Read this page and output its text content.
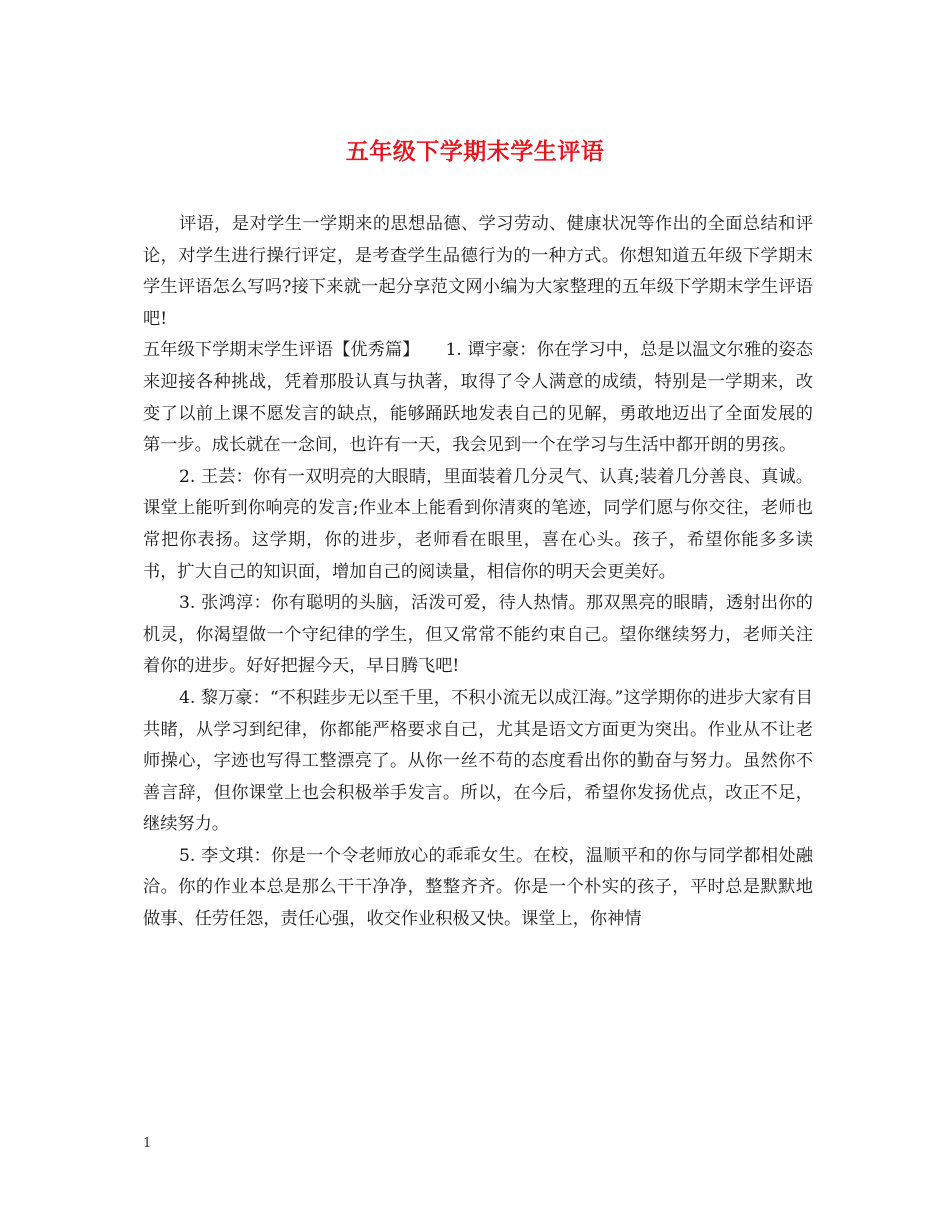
五年级下学期末学生评语

评语，是对学生一学期来的思想品德、学习劳动、健康状况等作出的全面总结和评论，对学生进行操行评定，是考查学生品德行为的一种方式。你想知道五年级下学期末学生评语怎么写吗?接下来就一起分享范文网小编为大家整理的五年级下学期末学生评语吧!

五年级下学期末学生评语【优秀篇】　　1. 谭宇豪：你在学习中，总是以温文尔雅的姿态来迎接各种挑战，凭着那股认真与执著，取得了令人满意的成绩，特别是一学期来，改变了以前上课不愿发言的缺点，能够踊跃地发表自己的见解，勇敢地迈出了全面发展的第一步。成长就在一念间，也许有一天，我会见到一个在学习与生活中都开朗的男孩。

2. 王芸：你有一双明亮的大眼睛，里面装着几分灵气、认真;装着几分善良、真诚。课堂上能听到你响亮的发言;作业本上能看到你清爽的笔迹，同学们愿与你交往，老师也常把你表扬。这学期，你的进步，老师看在眼里，喜在心头。孩子，希望你能多多读书，扩大自己的知识面，增加自己的阅读量，相信你的明天会更美好。

3. 张鸿淳：你有聪明的头脑，活泼可爱，待人热情。那双黑亮的眼睛，透射出你的机灵，你渴望做一个守纪律的学生，但又常常不能约束自己。望你继续努力，老师关注着你的进步。好好把握今天，早日腾飞吧!

4. 黎万豪：“不积跬步无以至千里，不积小流无以成江海。”这学期你的进步大家有目共睹，从学习到纪律，你都能严格要求自己，尤其是语文方面更为突出。作业从不让老师操心，字迹也写得工整漂亮了。从你一丝不苟的态度看出你的勤奋与努力。虽然你不善言辞，但你课堂上也会积极举手发言。所以，在今后，希望你发扬优点，改正不足，继续努力。

5. 李文琪：你是一个令老师放心的乖乖女生。在校，温顺平和的你与同学都相处融洽。你的作业本总是那么干干净净，整整齐齐。你是一个朴实的孩子，平时总是默默地做事、任劳任怨，责任心强，收交作业积极又快。课堂上，你神情

1
